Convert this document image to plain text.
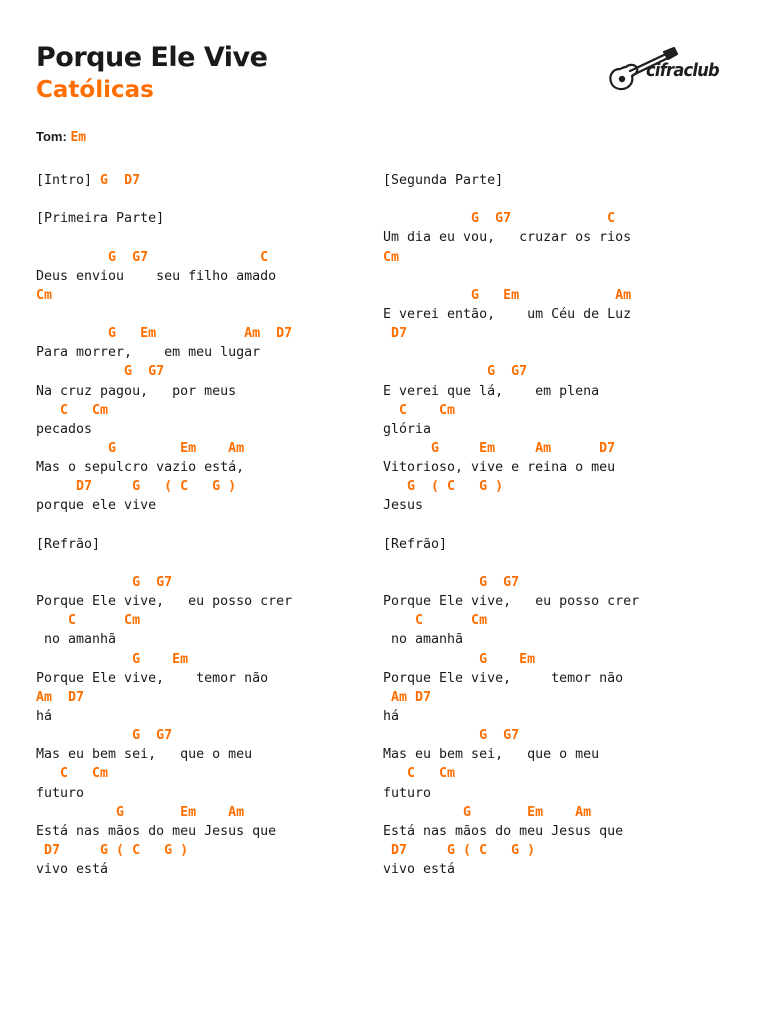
Porque Ele Vive
Católicas
cifraclub
Tom: Em
[Intro] G  D7
[Primeira Parte]
G  G7              C
Deus enviou    seu filho amado
Cm
G   Em           Am  D7
Para morrer,    em meu lugar
G  G7
Na cruz pagou,   por meus
C   Cm
pecados
G        Em    Am
Mas o sepulcro vazio está,
D7     G   ( C   G )
porque ele vive
[Refrão]
G  G7
Porque Ele vive,   eu posso crer
C      Cm
no amanhã
G    Em
Porque Ele vive,    temor não
Am  D7
há
G  G7
Mas eu bem sei,   que o meu
C   Cm
futuro
G       Em    Am
Está nas mãos do meu Jesus que
D7     G ( C   G )
vivo está
[Segunda Parte]
G  G7            C
Um dia eu vou,   cruzar os rios
Cm
G   Em            Am
E verei então,    um Céu de Luz
D7
G  G7
E verei que lá,    em plena
C    Cm
glória
G     Em     Am      D7
Vitorioso, vive e reina o meu
G  ( C   G )
Jesus
[Refrão]
G  G7
Porque Ele vive,   eu posso crer
C      Cm
no amanhã
G    Em
Porque Ele vive,     temor não
Am D7
há
G  G7
Mas eu bem sei,   que o meu
C   Cm
futuro
G       Em    Am
Está nas mãos do meu Jesus que
D7     G ( C   G )
vivo está
